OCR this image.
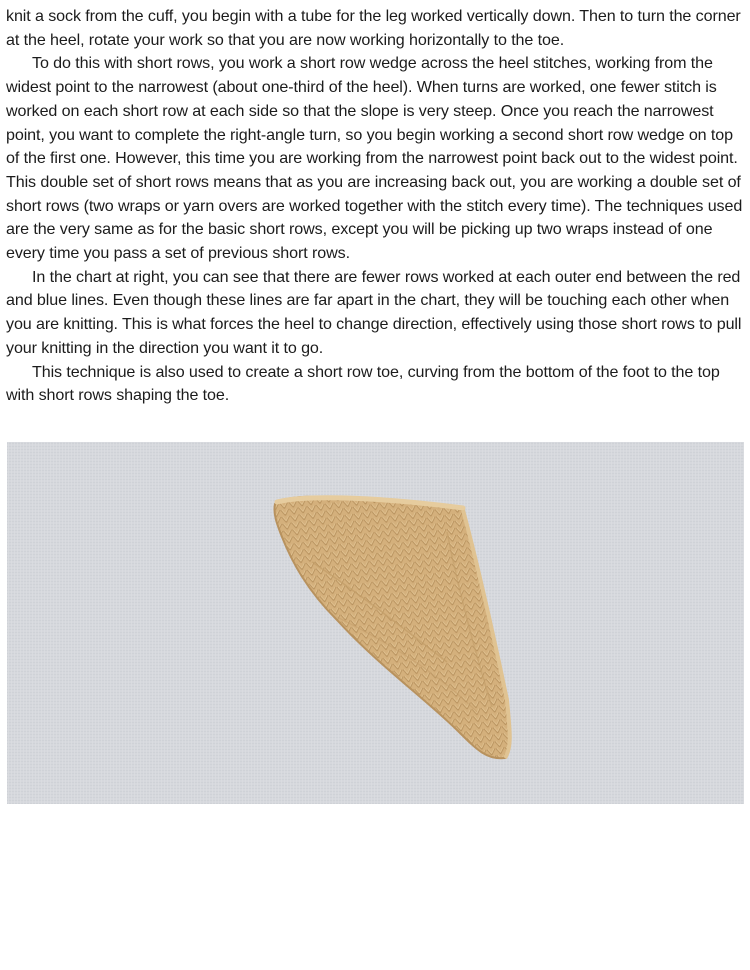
knit a sock from the cuff, you begin with a tube for the leg worked vertically down. Then to turn the corner at the heel, rotate your work so that you are now working horizontally to the toe.

To do this with short rows, you work a short row wedge across the heel stitches, working from the widest point to the narrowest (about one-third of the heel). When turns are worked, one fewer stitch is worked on each short row at each side so that the slope is very steep. Once you reach the narrowest point, you want to complete the right-angle turn, so you begin working a second short row wedge on top of the first one. However, this time you are working from the narrowest point back out to the widest point. This double set of short rows means that as you are increasing back out, you are working a double set of short rows (two wraps or yarn overs are worked together with the stitch every time). The techniques used are the very same as for the basic short rows, except you will be picking up two wraps instead of one every time you pass a set of previous short rows.

In the chart at right, you can see that there are fewer rows worked at each outer end between the red and blue lines. Even though these lines are far apart in the chart, they will be touching each other when you are knitting. This is what forces the heel to change direction, effectively using those short rows to pull your knitting in the direction you want it to go.

This technique is also used to create a short row toe, curving from the bottom of the foot to the top with short rows shaping the toe.
